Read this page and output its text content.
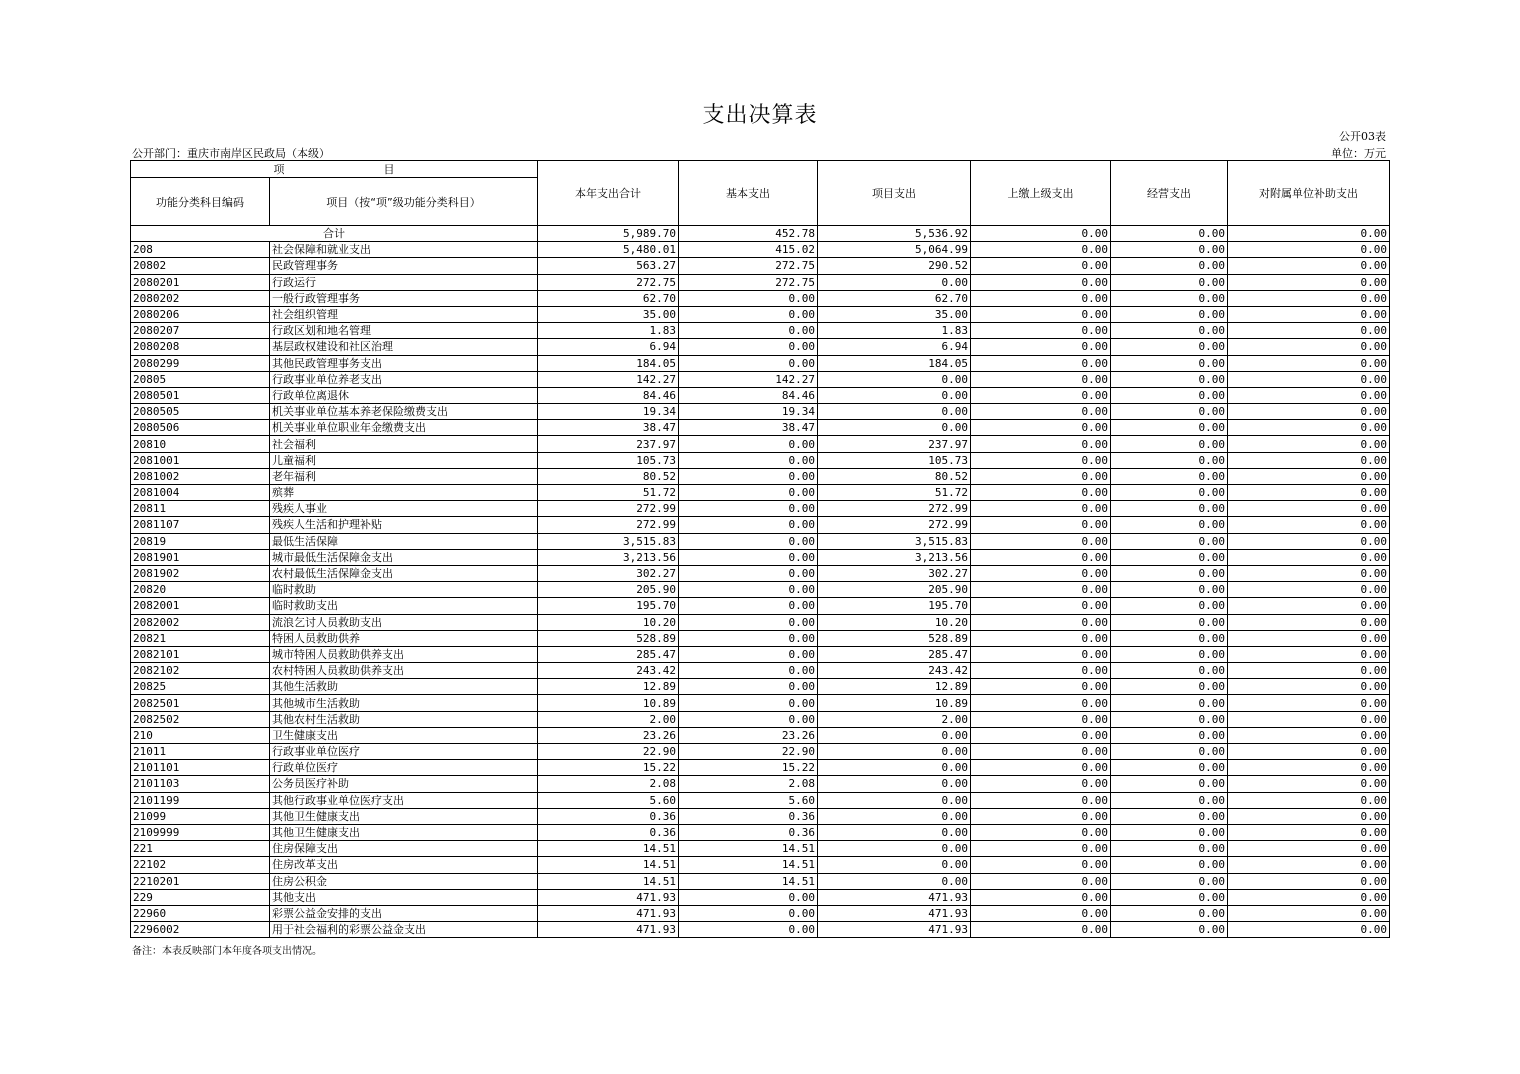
支出决算表
公开03表
公开部门：重庆市南岸区民政局（本级）	单位：万元
项　　　　　　　　　目		本年支出合计	基本支出	项目支出	上缴上级支出	经营支出	对附属单位补助支出
功能分类科目编码	项目（按“项”级功能分类科目）						
合计		5,989.70	452.78	5,536.92	0.00	0.00	0.00
208	社会保障和就业支出	5,480.01	415.02	5,064.99	0.00	0.00	0.00
20802	民政管理事务	563.27	272.75	290.52	0.00	0.00	0.00
2080201	行政运行	272.75	272.75	0.00	0.00	0.00	0.00
2080202	一般行政管理事务	62.70	0.00	62.70	0.00	0.00	0.00
2080206	社会组织管理	35.00	0.00	35.00	0.00	0.00	0.00
2080207	行政区划和地名管理	1.83	0.00	1.83	0.00	0.00	0.00
2080208	基层政权建设和社区治理	6.94	0.00	6.94	0.00	0.00	0.00
2080299	其他民政管理事务支出	184.05	0.00	184.05	0.00	0.00	0.00
20805	行政事业单位养老支出	142.27	142.27	0.00	0.00	0.00	0.00
2080501	行政单位离退休	84.46	84.46	0.00	0.00	0.00	0.00
2080505	机关事业单位基本养老保险缴费支出	19.34	19.34	0.00	0.00	0.00	0.00
2080506	机关事业单位职业年金缴费支出	38.47	38.47	0.00	0.00	0.00	0.00
20810	社会福利	237.97	0.00	237.97	0.00	0.00	0.00
2081001	儿童福利	105.73	0.00	105.73	0.00	0.00	0.00
2081002	老年福利	80.52	0.00	80.52	0.00	0.00	0.00
2081004	殡葬	51.72	0.00	51.72	0.00	0.00	0.00
20811	残疾人事业	272.99	0.00	272.99	0.00	0.00	0.00
2081107	残疾人生活和护理补贴	272.99	0.00	272.99	0.00	0.00	0.00
20819	最低生活保障	3,515.83	0.00	3,515.83	0.00	0.00	0.00
2081901	城市最低生活保障金支出	3,213.56	0.00	3,213.56	0.00	0.00	0.00
2081902	农村最低生活保障金支出	302.27	0.00	302.27	0.00	0.00	0.00
20820	临时救助	205.90	0.00	205.90	0.00	0.00	0.00
2082001	临时救助支出	195.70	0.00	195.70	0.00	0.00	0.00
2082002	流浪乞讨人员救助支出	10.20	0.00	10.20	0.00	0.00	0.00
20821	特困人员救助供养	528.89	0.00	528.89	0.00	0.00	0.00
2082101	城市特困人员救助供养支出	285.47	0.00	285.47	0.00	0.00	0.00
2082102	农村特困人员救助供养支出	243.42	0.00	243.42	0.00	0.00	0.00
20825	其他生活救助	12.89	0.00	12.89	0.00	0.00	0.00
2082501	其他城市生活救助	10.89	0.00	10.89	0.00	0.00	0.00
2082502	其他农村生活救助	2.00	0.00	2.00	0.00	0.00	0.00
210	卫生健康支出	23.26	23.26	0.00	0.00	0.00	0.00
21011	行政事业单位医疗	22.90	22.90	0.00	0.00	0.00	0.00
2101101	行政单位医疗	15.22	15.22	0.00	0.00	0.00	0.00
2101103	公务员医疗补助	2.08	2.08	0.00	0.00	0.00	0.00
2101199	其他行政事业单位医疗支出	5.60	5.60	0.00	0.00	0.00	0.00
21099	其他卫生健康支出	0.36	0.36	0.00	0.00	0.00	0.00
2109999	其他卫生健康支出	0.36	0.36	0.00	0.00	0.00	0.00
221	住房保障支出	14.51	14.51	0.00	0.00	0.00	0.00
22102	住房改革支出	14.51	14.51	0.00	0.00	0.00	0.00
2210201	住房公积金	14.51	14.51	0.00	0.00	0.00	0.00
229	其他支出	471.93	0.00	471.93	0.00	0.00	0.00
22960	彩票公益金安排的支出	471.93	0.00	471.93	0.00	0.00	0.00
2296002	用于社会福利的彩票公益金支出	471.93	0.00	471.93	0.00	0.00	0.00
备注：本表反映部门本年度各项支出情况。
